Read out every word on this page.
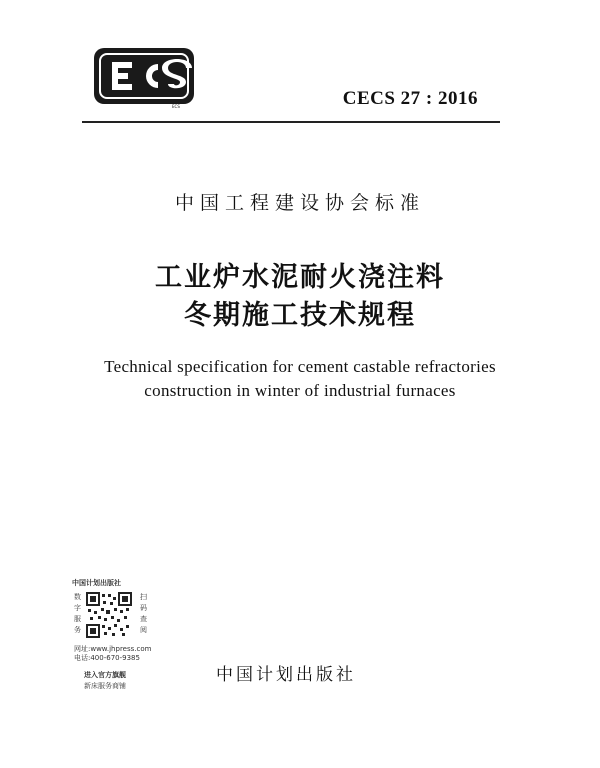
ECS	CECS 27 : 2016
中国工程建设协会标准
工业炉水泥耐火浇注料
冬期施工技术规程
Technical specification for cement castable refractories
construction in winter of industrial furnaces
中国计划出版社
数
字
服
务
扫
码
查
阅
网址:www.jhpress.com
电话:400-670-9385
进入官方旗舰
新床服务商铺
中国计划出版社
